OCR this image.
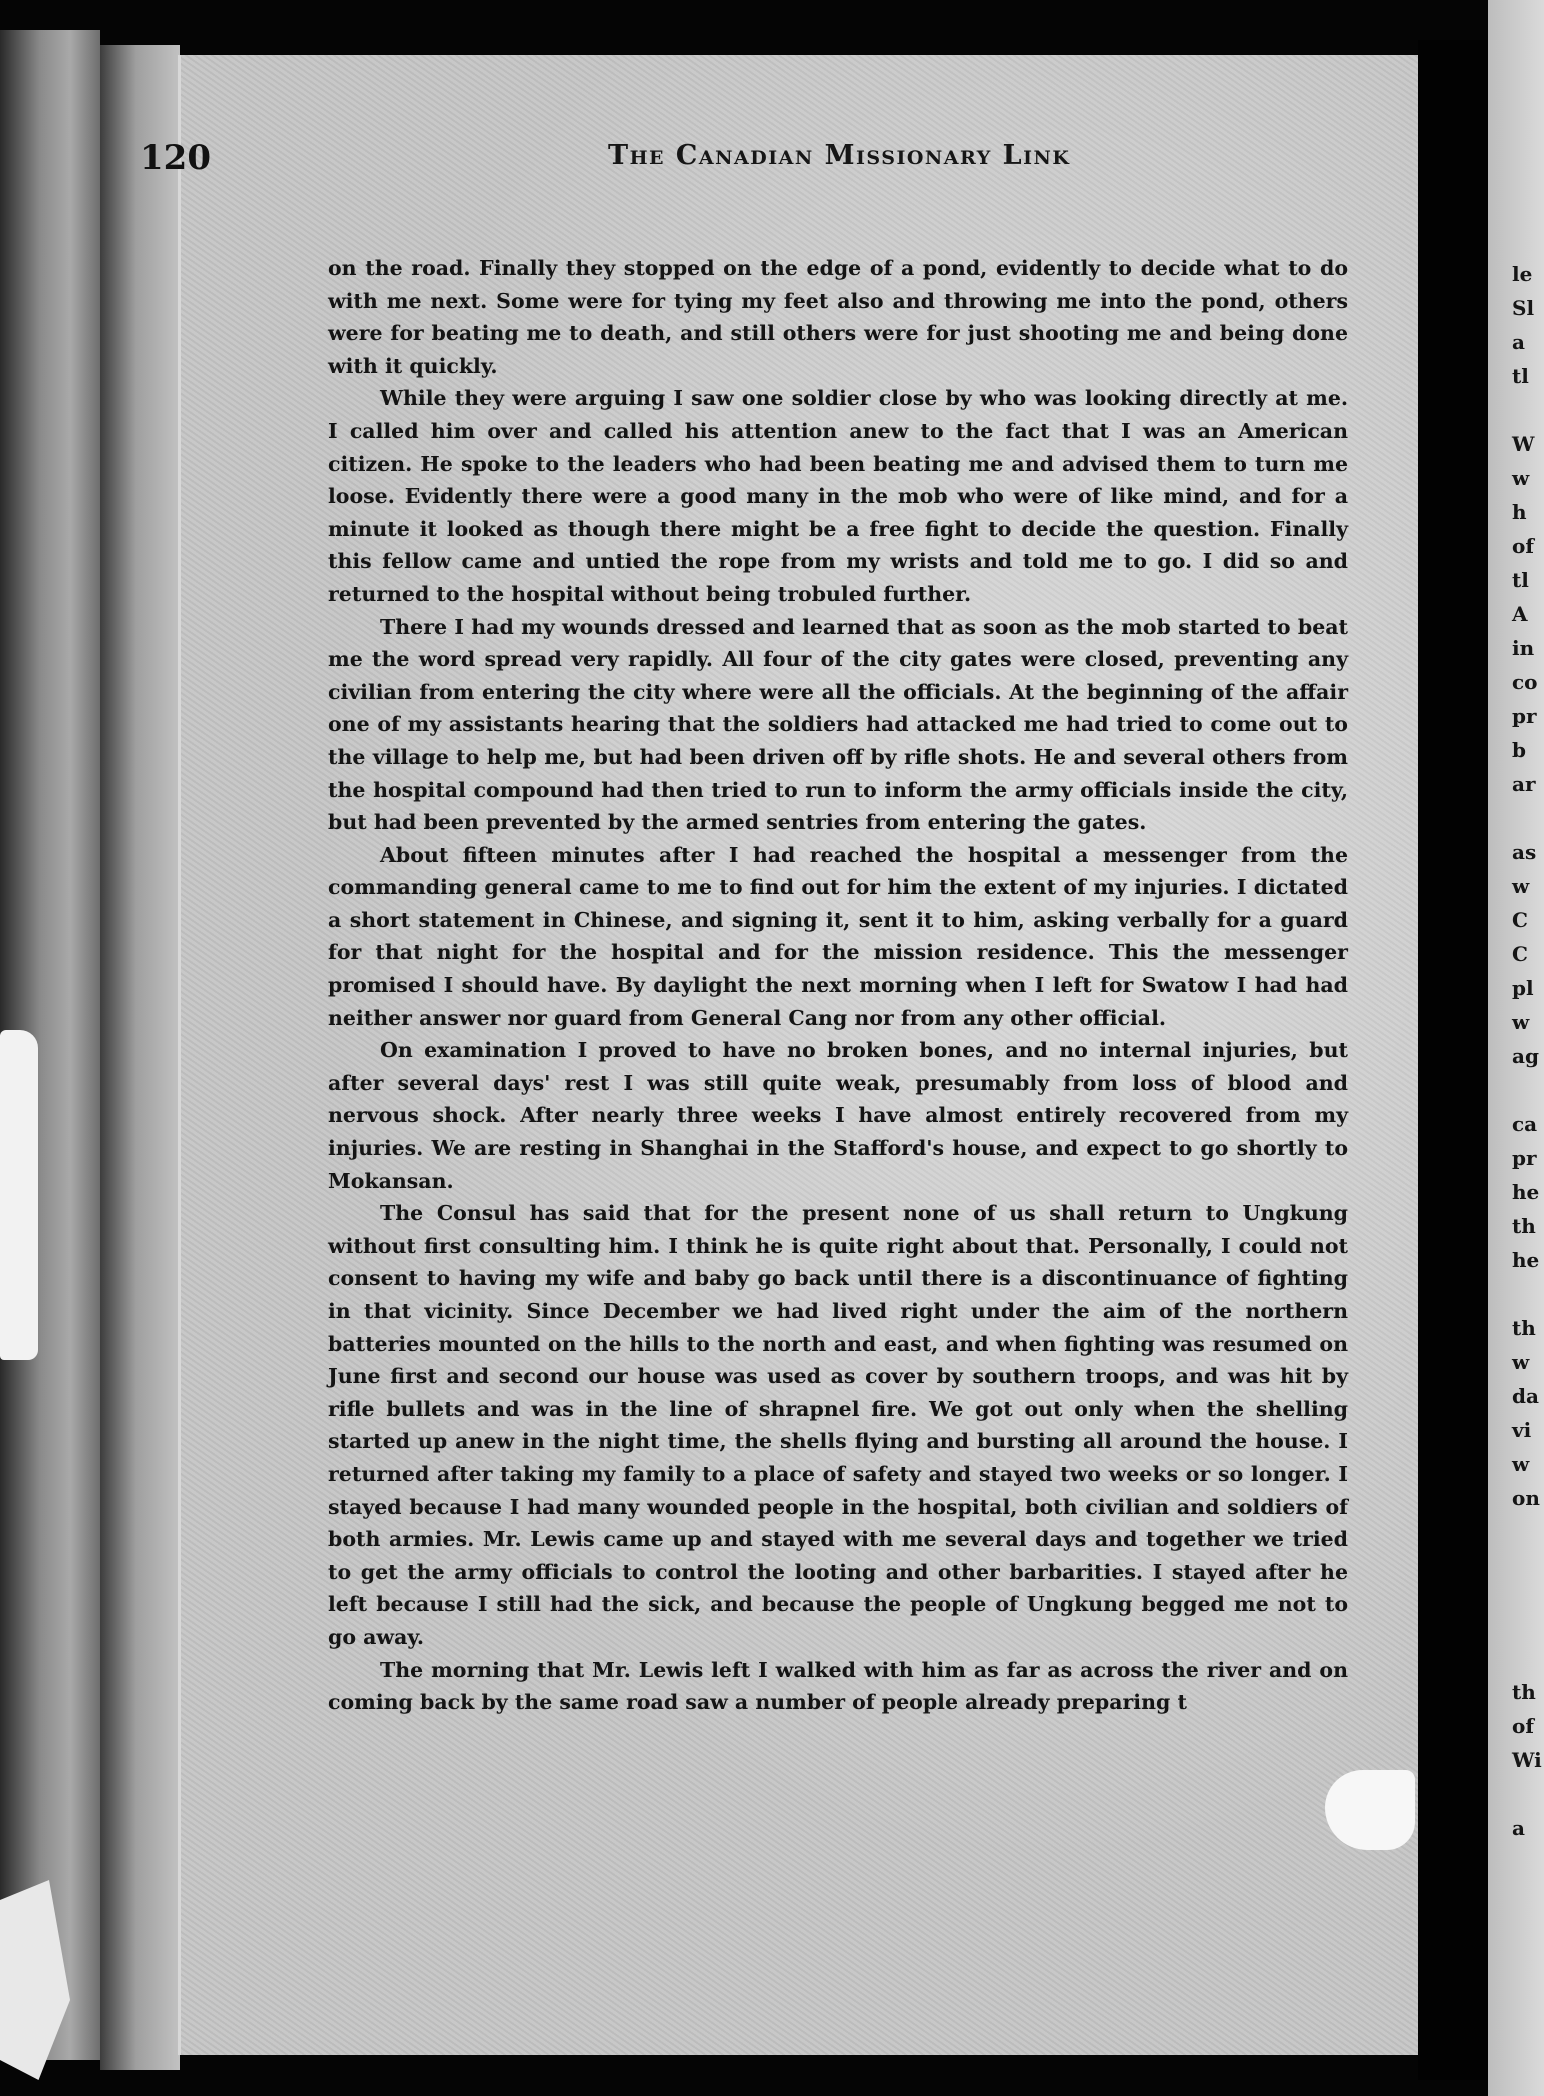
120	The Canadian Missionary Link

on the road. Finally they stopped on the edge of a pond, evidently to decide what to do with me next. Some were for tying my feet also and throwing me into the pond, others were for beating me to death, and still others were for just shooting me and being done with it quickly.

While they were arguing I saw one soldier close by who was looking directly at me. I called him over and called his attention anew to the fact that I was an American citizen. He spoke to the leaders who had been beating me and advised them to turn me loose. Evidently there were a good many in the mob who were of like mind, and for a minute it looked as though there might be a free fight to decide the question. Finally this fellow came and untied the rope from my wrists and told me to go. I did so and returned to the hospital without being trobuled further.

There I had my wounds dressed and learned that as soon as the mob started to beat me the word spread very rapidly. All four of the city gates were closed, preventing any civilian from entering the city where were all the officials. At the beginning of the affair one of my assistants hearing that the soldiers had attacked me had tried to come out to the village to help me, but had been driven off by rifle shots. He and several others from the hospital compound had then tried to run to inform the army officials inside the city, but had been prevented by the armed sentries from entering the gates.

About fifteen minutes after I had reached the hospital a messenger from the commanding general came to me to find out for him the extent of my injuries. I dictated a short statement in Chinese, and signing it, sent it to him, asking verbally for a guard for that night for the hospital and for the mission residence. This the messenger promised I should have. By daylight the next morning when I left for Swatow I had had neither answer nor guard from General Cang nor from any other official.

On examination I proved to have no broken bones, and no internal injuries, but after several days' rest I was still quite weak, presumably from loss of blood and nervous shock. After nearly three weeks I have almost entirely recovered from my injuries. We are resting in Shanghai in the Stafford's house, and expect to go shortly to Mokansan.

The Consul has said that for the present none of us shall return to Ungkung without first consulting him. I think he is quite right about that. Personally, I could not consent to having my wife and baby go back until there is a discontinuance of fighting in that vicinity. Since December we had lived right under the aim of the northern batteries mounted on the hills to the north and east, and when fighting was resumed on June first and second our house was used as cover by southern troops, and was hit by rifle bullets and was in the line of shrapnel fire. We got out only when the shelling started up anew in the night time, the shells flying and bursting all around the house. I returned after taking my family to a place of safety and stayed two weeks or so longer. I stayed because I had many wounded people in the hospital, both civilian and soldiers of both armies. Mr. Lewis came up and stayed with me several days and together we tried to get the army officials to control the looting and other barbarities. I stayed after he left because I still had the sick, and because the people of Ungkung begged me not to go away.

The morning that Mr. Lewis left I walked with him as far as across the river and on coming back by the same road saw a number of people already preparing t

le
Sl
a
tl
W
w
h
of
tl
A
in
co
pr
b
ar
as
w
C
C
pl
w
ag
ca
pr
he
th
he
th
w
da
vi
w
on
th
of
Wi
a
